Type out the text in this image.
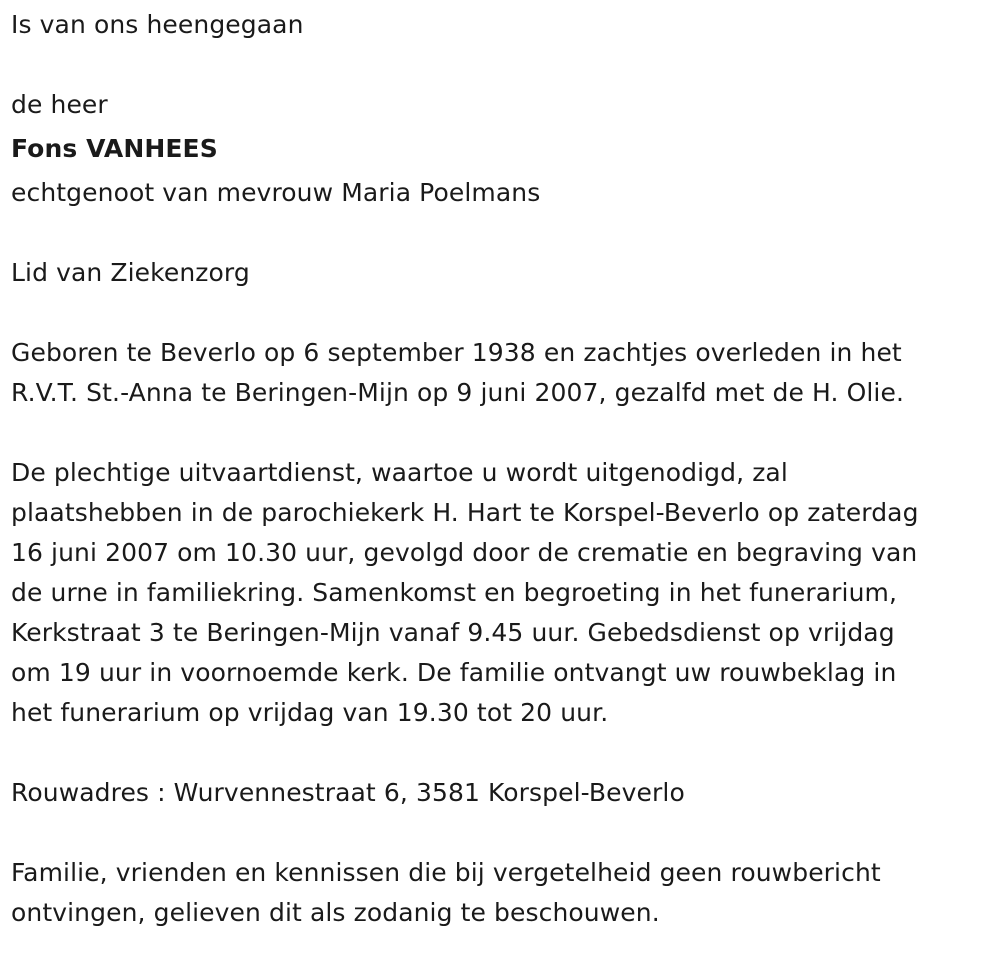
Is van ons heengegaan

de heer

Fons VANHEES

echtgenoot van mevrouw Maria Poelmans

Lid van Ziekenzorg

Geboren te Beverlo op 6 september 1938 en zachtjes overleden in het
R.V.T. St.-Anna te Beringen-Mijn op 9 juni 2007, gezalfd met de H. Olie.

De plechtige uitvaartdienst, waartoe u wordt uitgenodigd, zal
plaatshebben in de parochiekerk H. Hart te Korspel-Beverlo op zaterdag
16 juni 2007 om 10.30 uur, gevolgd door de crematie en begraving van
de urne in familiekring. Samenkomst en begroeting in het funerarium,
Kerkstraat 3 te Beringen-Mijn vanaf 9.45 uur. Gebedsdienst op vrijdag
om 19 uur in voornoemde kerk. De familie ontvangt uw rouwbeklag in
het funerarium op vrijdag van 19.30 tot 20 uur.

Rouwadres : Wurvennestraat 6, 3581 Korspel-Beverlo

Familie, vrienden en kennissen die bij vergetelheid geen rouwbericht
ontvingen, gelieven dit als zodanig te beschouwen.
